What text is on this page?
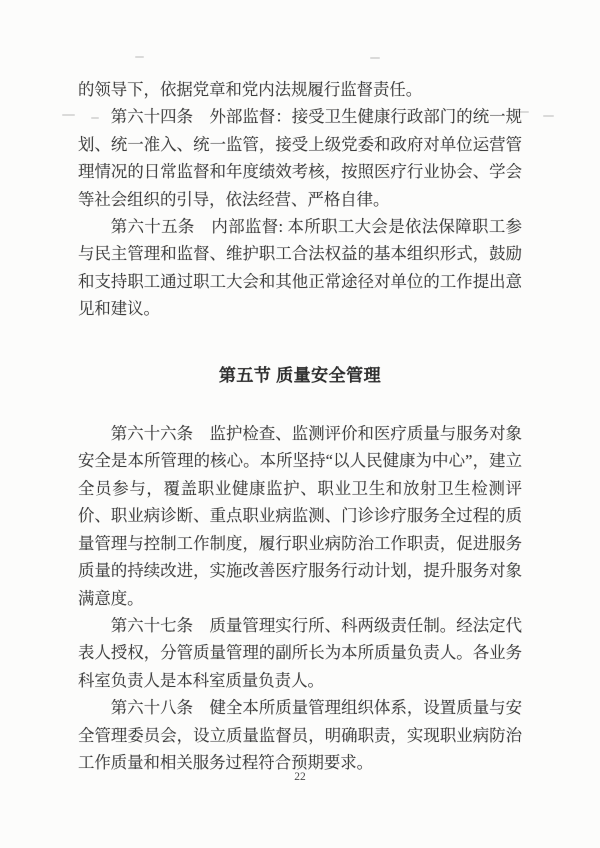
的领导下，依据党章和党内法规履行监督责任。

第六十四条　外部监督：接受卫生健康行政部门的统一规划、统一准入、统一监管，接受上级党委和政府对单位运营管理情况的日常监督和年度绩效考核，按照医疗行业协会、学会等社会组织的引导，依法经营、严格自律。

第六十五条　内部监督: 本所职工大会是依法保障职工参与民主管理和监督、维护职工合法权益的基本组织形式，鼓励和支持职工通过职工大会和其他正常途径对单位的工作提出意见和建议。

第五节 质量安全管理

第六十六条　监护检查、监测评价和医疗质量与服务对象安全是本所管理的核心。本所坚持“以人民健康为中心”，建立全员参与，覆盖职业健康监护、职业卫生和放射卫生检测评价、职业病诊断、重点职业病监测、门诊诊疗服务全过程的质量管理与控制工作制度，履行职业病防治工作职责，促进服务质量的持续改进，实施改善医疗服务行动计划，提升服务对象满意度。

第六十七条　质量管理实行所、科两级责任制。经法定代表人授权，分管质量管理的副所长为本所质量负责人。各业务科室负责人是本科室质量负责人。

第六十八条　健全本所质量管理组织体系，设置质量与安全管理委员会，设立质量监督员，明确职责，实现职业病防治工作质量和相关服务过程符合预期要求。

22
